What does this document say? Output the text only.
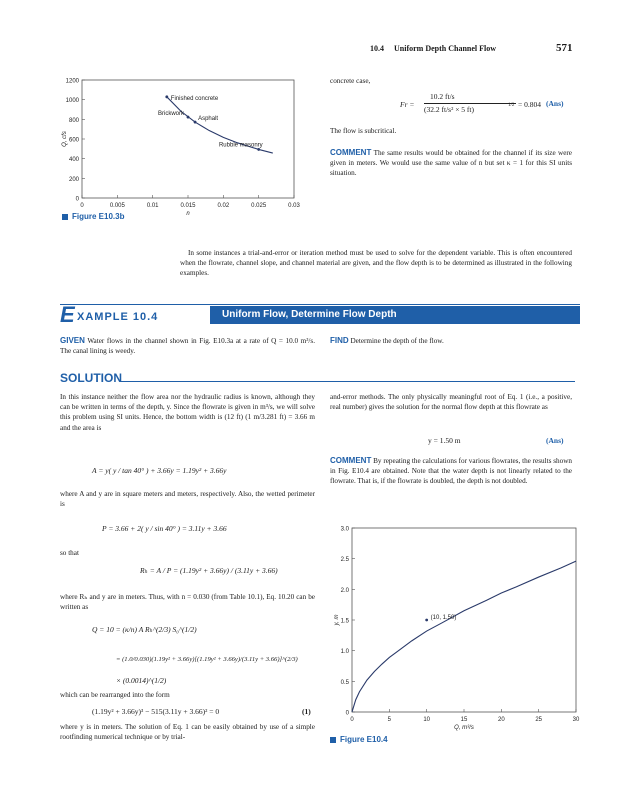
10.4 Uniform Depth Channel Flow	571
0	0.005	0.01	0.015	0.02	0.025	0.03
0
200
400
600
800
1000
1200
n
Q, cfs
Finished concrete
Brickwork
Asphalt
Rubble masonry
Figure E10.3b
concrete case,
Fr =
10.2 ft/s
(32.2 ft/s² × 5 ft)	1/2 = 0.804 (Ans)
The flow is subcritical.
COMMENT The same results would be obtained for the channel if its size were given in meters. We would use the same value of n but set κ = 1 for this SI units situation.
In some instances a trial-and-error or iteration method must be used to solve for the dependent variable. This is often encountered when the flowrate, channel slope, and channel material are given, and the flow depth is to be determined as illustrated in the following examples.
E XAMPLE 10.4	Uniform Flow, Determine Flow Depth
GIVEN Water flows in the channel shown in Fig. E10.3a at a rate of Q = 10.0 m³/s. The canal lining is weedy.
FIND Determine the depth of the flow.
SOLUTION
In this instance neither the flow area nor the hydraulic radius is known, although they can be written in terms of the depth, y. Since the flowrate is given in m³/s, we will solve this problem using SI units. Hence, the bottom width is (12 ft) (1 m/3.281 ft) = 3.66 m and the area is
A = y( y / tan 40° ) + 3.66y = 1.19y² + 3.66y
where A and y are in square meters and meters, respectively. Also, the wetted perimeter is
P = 3.66 + 2( y / sin 40° ) = 3.11y + 3.66
so that
Rₕ = A / P = (1.19y² + 3.66y) / (3.11y + 3.66)
where Rₕ and y are in meters. Thus, with n = 0.030 (from Table 10.1), Eq. 10.20 can be written as
Q = 10 = (κ/n) A Rₕ^(2/3) S₀^(1/2)
= (1.0/0.030)(1.19y² + 3.66y)[(1.19y² + 3.66y)/(3.11y + 3.66)]^(2/3)
× (0.0014)^(1/2)
which can be rearranged into the form
(1.19y² + 3.66y)³ − 515(3.11y + 3.66)² = 0	(1)
where y is in meters. The solution of Eq. 1 can be easily obtained by use of a simple rootfinding numerical technique or by trial-
and-error methods. The only physically meaningful root of Eq. 1 (i.e., a positive, real number) gives the solution for the normal flow depth at this flowrate as
y = 1.50 m	(Ans)
COMMENT By repeating the calculations for various flowrates, the results shown in Fig. E10.4 are obtained. Note that the water depth is not linearly related to the flowrate. That is, if the flowrate is doubled, the depth is not doubled.
0	5	10	15	20	25	30
0
0.5
1.0
1.5
2.0
2.5
3.0
Q, m³/s
y, m	(10, 1.50)
Figure E10.4
